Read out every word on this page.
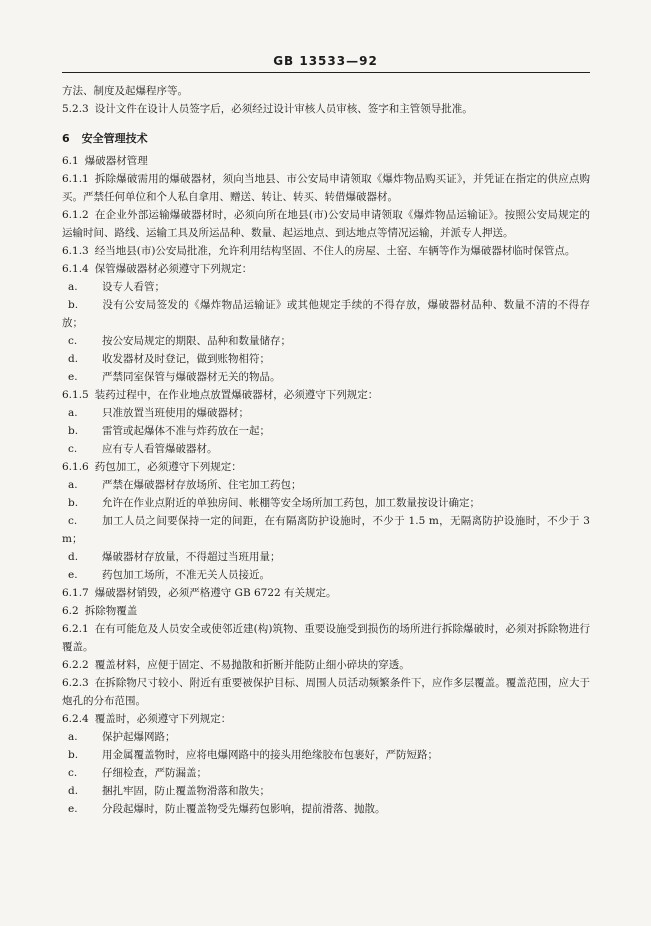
GB 13533—92

方法、制度及起爆程序等。

5.2.3 设计文件在设计人员签字后，必须经过设计审核人员审核、签字和主管领导批准。

6 安全管理技术

6.1 爆破器材管理

6.1.1 拆除爆破需用的爆破器材，须向当地县、市公安局申请领取《爆炸物品购买证》，并凭证在指定的供应点购买。严禁任何单位和个人私自拿用、赠送、转让、转买、转借爆破器材。

6.1.2 在企业外部运输爆破器材时，必须向所在地县(市)公安局申请领取《爆炸物品运输证》。按照公安局规定的运输时间、路线、运输工具及所运品种、数量、起运地点、到达地点等情况运输，并派专人押送。

6.1.3 经当地县(市)公安局批准，允许利用结构坚固、不住人的房屋、土窑、车辆等作为爆破器材临时保管点。

6.1.4 保管爆破器材必须遵守下列规定：

a. 设专人看管；

b. 没有公安局签发的《爆炸物品运输证》或其他规定手续的不得存放，爆破器材品种、数量不清的不得存放；

c. 按公安局规定的期限、品种和数量储存；

d. 收发器材及时登记，做到账物相符；

e. 严禁同室保管与爆破器材无关的物品。

6.1.5 装药过程中，在作业地点放置爆破器材，必须遵守下列规定：

a. 只准放置当班使用的爆破器材；

b. 雷管或起爆体不准与炸药放在一起；

c. 应有专人看管爆破器材。

6.1.6 药包加工，必须遵守下列规定：

a. 严禁在爆破器材存放场所、住宅加工药包；

b. 允许在作业点附近的单独房间、帐棚等安全场所加工药包，加工数量按设计确定；

c. 加工人员之间要保持一定的间距，在有隔离防护设施时，不少于 1.5 m，无隔离防护设施时，不少于 3 m；

d. 爆破器材存放量，不得超过当班用量；

e. 药包加工场所，不准无关人员接近。

6.1.7 爆破器材销毁，必须严格遵守 GB 6722 有关规定。

6.2 拆除物覆盖

6.2.1 在有可能危及人员安全或使邻近建(构)筑物、重要设施受到损伤的场所进行拆除爆破时，必须对拆除物进行覆盖。

6.2.2 覆盖材料，应便于固定、不易抛散和折断并能防止细小碎块的穿透。

6.2.3 在拆除物尺寸较小、附近有重要被保护目标、周围人员活动频繁条件下，应作多层覆盖。覆盖范围，应大于炮孔的分布范围。

6.2.4 覆盖时，必须遵守下列规定：

a. 保护起爆网路；

b. 用金属覆盖物时，应将电爆网路中的接头用绝缘胶布包裹好，严防短路；

c. 仔细检查，严防漏盖；

d. 捆扎牢固，防止覆盖物滑落和散失；

e. 分段起爆时，防止覆盖物受先爆药包影响，提前滑落、抛散。
